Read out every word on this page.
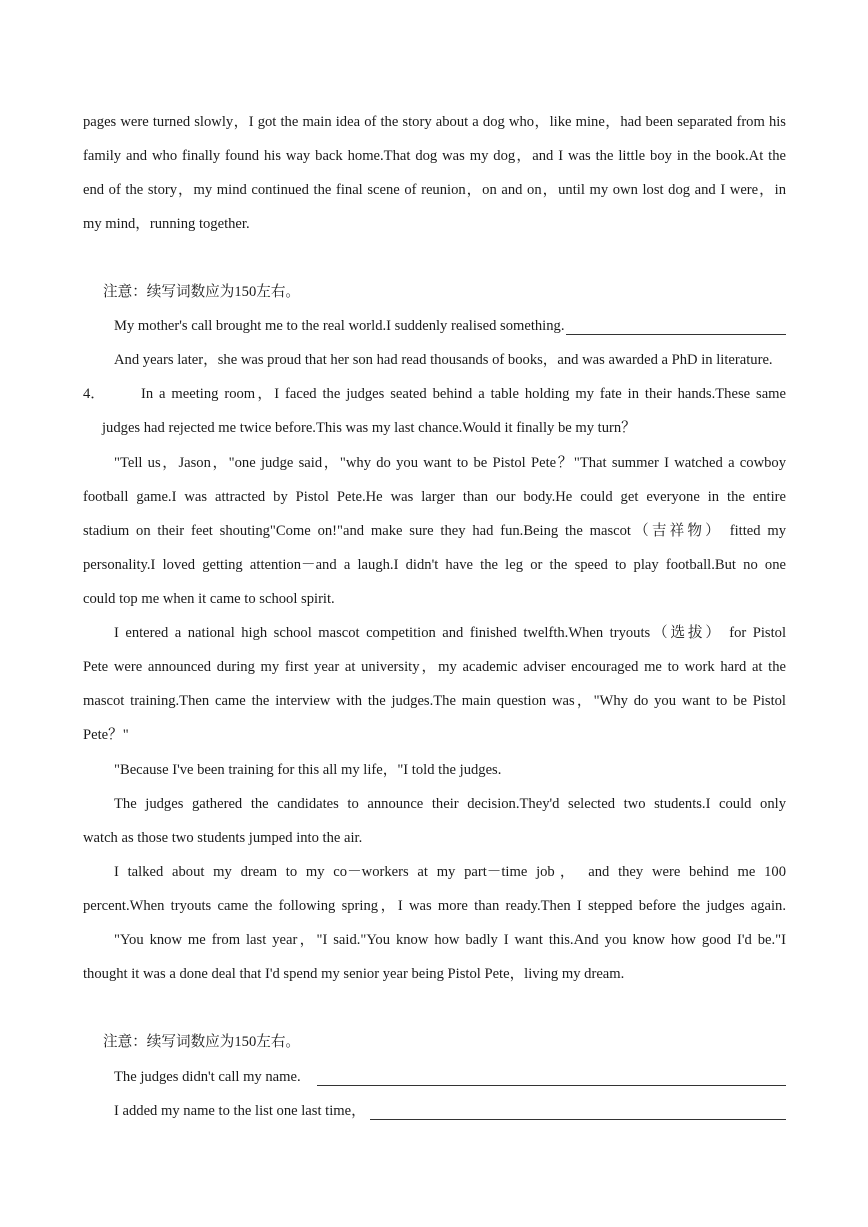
pages were turned slowly，I got the main idea of the story about a dog who，like mine，had been separated from his
family and who finally found his way back home.That dog was my dog，and I was the little boy in the book.At the
end of the story，my mind continued the final scene of reunion，on and on，until my own lost dog and I were，in
my mind，running together.
注意：续写词数应为150左右。
My mother's call brought me to the real world.I suddenly realised something.
And years later，she was proud that her son had read thousands of books，and was awarded a PhD in literature.
4． In a meeting room，I faced the judges seated behind a table holding my fate in their hands.These same
judges had rejected me twice before.This was my last chance.Would it finally be my turn？
"Tell us，Jason，"one judge said，"why do you want to be Pistol Pete？"That summer I watched a cowboy
football game.I was attracted by Pistol Pete.He was larger than our body.He could get everyone in the entire
stadium on their feet shouting"Come on!"and make sure they had fun.Being the mascot（吉祥物） fitted my
personality.I loved getting attention－and a laugh.I didn't have the leg or the speed to play football.But no one
could top me when it came to school spirit.
I entered a national high school mascot competition and finished twelfth.When tryouts（选拔） for Pistol
Pete were announced during my first year at university，my academic adviser encouraged me to work hard at the
mascot training.Then came the interview with the judges.The main question was，"Why do you want to be Pistol
Pete？"
"Because I've been training for this all my life，"I told the judges.
The judges gathered the candidates to announce their decision.They'd selected two students.I could only
watch as those two students jumped into the air.
I talked about my dream to my co－workers at my part－time job， and they were behind me 100
percent.When tryouts came the following spring，I was more than ready.Then I stepped before the judges again.
"You know me from last year，"I said."You know how badly I want this.And you know how good I'd be."I
thought it was a done deal that I'd spend my senior year being Pistol Pete，living my dream.
注意：续写词数应为150左右。
The judges didn't call my name.
I added my name to the list one last time，
